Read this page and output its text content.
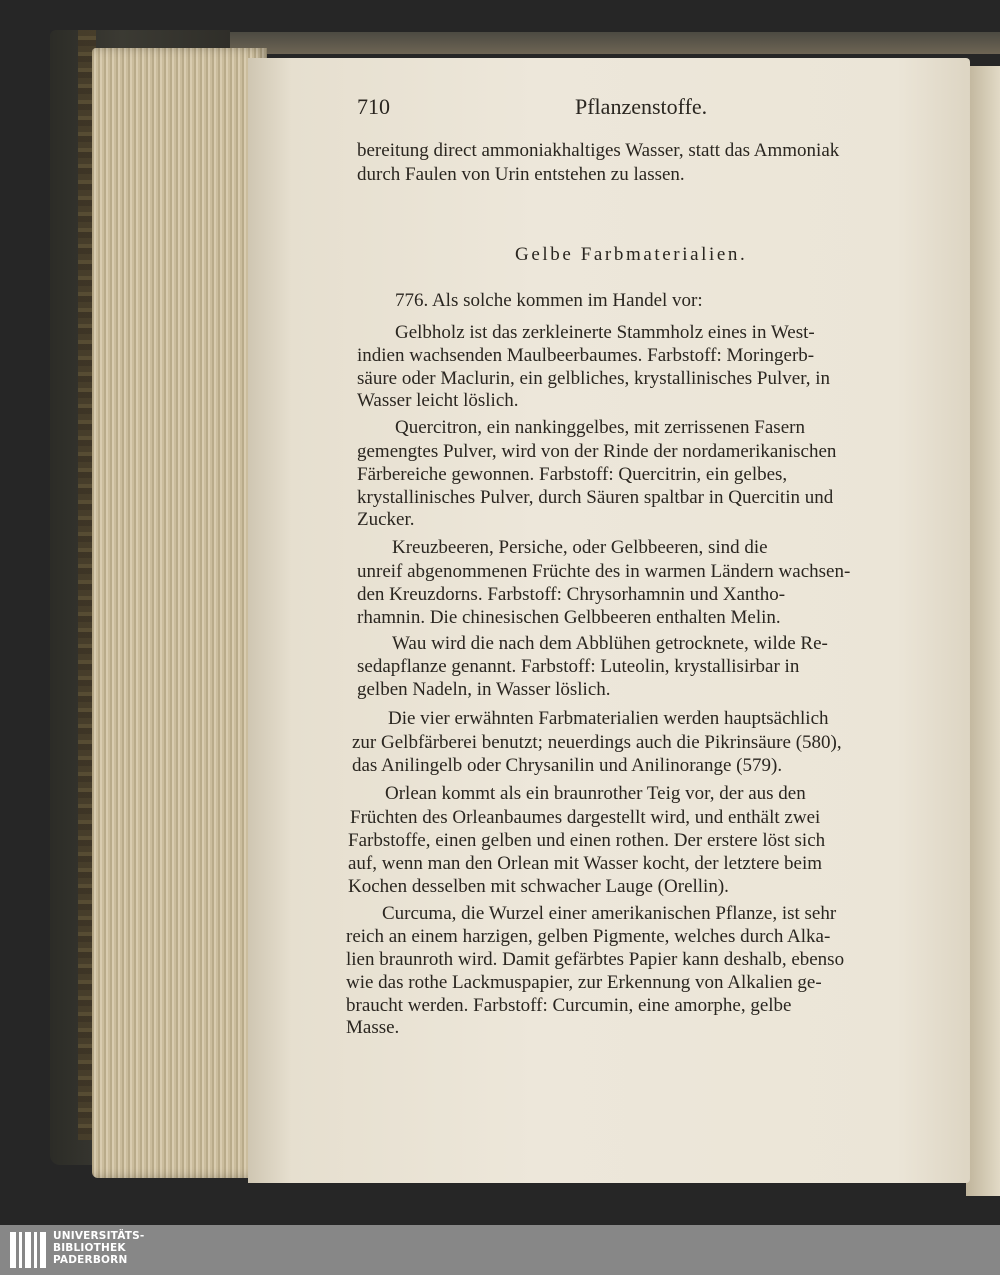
710	Pflanzenstoffe.
Gelbe Farbmaterialien.
bereitung direct ammoniakhaltiges Wasser, statt das Ammoniak
durch Faulen von Urin entstehen zu lassen.
776. Als solche kommen im Handel vor:
Gelbholz ist das zerkleinerte Stammholz eines in West-
indien wachsenden Maulbeerbaumes. Farbstoff: Moringerb-
säure oder Maclurin, ein gelbliches, krystallinisches Pulver, in
Wasser leicht löslich.
Quercitron, ein nankinggelbes, mit zerrissenen Fasern
gemengtes Pulver, wird von der Rinde der nordamerikanischen
Färbereiche gewonnen. Farbstoff: Quercitrin, ein gelbes,
krystallinisches Pulver, durch Säuren spaltbar in Quercitin und
Zucker.
Kreuzbeeren, Persiche, oder Gelbbeeren, sind die
unreif abgenommenen Früchte des in warmen Ländern wachsen-
den Kreuzdorns. Farbstoff: Chrysorhamnin und Xantho-
rhamnin. Die chinesischen Gelbbeeren enthalten Melin.
Wau wird die nach dem Abblühen getrocknete, wilde Re-
sedapflanze genannt. Farbstoff: Luteolin, krystallisirbar in
gelben Nadeln, in Wasser löslich.
Die vier erwähnten Farbmaterialien werden hauptsächlich
zur Gelbfärberei benutzt; neuerdings auch die Pikrinsäure (580),
das Anilingelb oder Chrysanilin und Anilinorange (579).
Orlean kommt als ein braunrother Teig vor, der aus den
Früchten des Orleanbaumes dargestellt wird, und enthält zwei
Farbstoffe, einen gelben und einen rothen. Der erstere löst sich
auf, wenn man den Orlean mit Wasser kocht, der letztere beim
Kochen desselben mit schwacher Lauge (Orellin).
Curcuma, die Wurzel einer amerikanischen Pflanze, ist sehr
reich an einem harzigen, gelben Pigmente, welches durch Alka-
lien braunroth wird. Damit gefärbtes Papier kann deshalb, ebenso
wie das rothe Lackmuspapier, zur Erkennung von Alkalien ge-
braucht werden. Farbstoff: Curcumin, eine amorphe, gelbe
Masse.
UNIVERSITÄTS-
BIBLIOTHEK
PADERBORN
